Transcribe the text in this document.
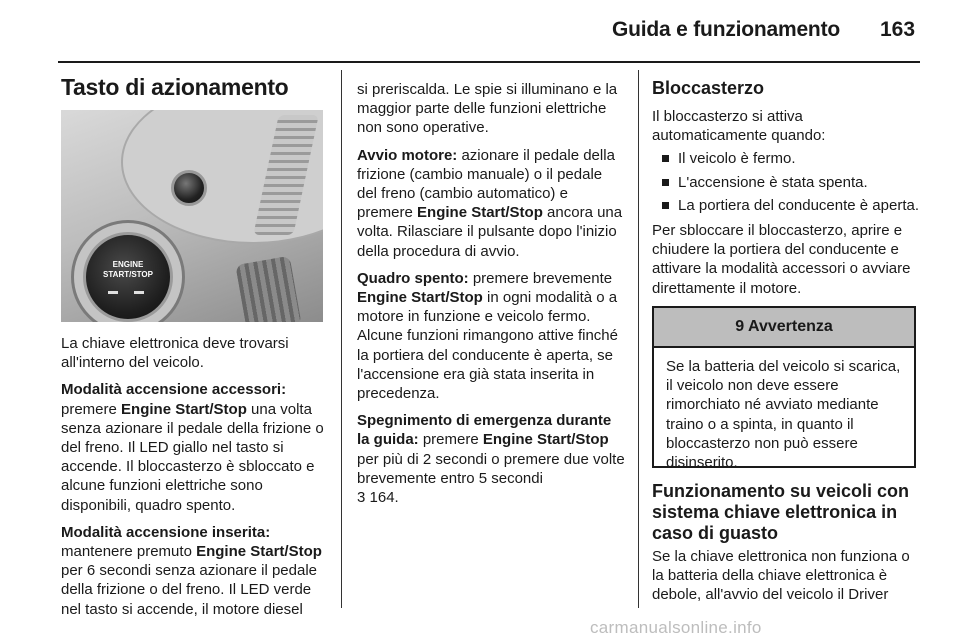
Guida e funzionamento 163
Tasto di azionamento
ENGINE
START/STOP

La chiave elettronica deve trovarsi all'interno del veicolo.

Modalità accensione accessori: premere Engine Start/Stop una volta senza azionare il pedale della frizione o del freno. Il LED giallo nel tasto si accende. Il bloccasterzo è sbloccato e alcune funzioni elettriche sono disponibili, quadro spento.

Modalità accensione inserita: mantenere premuto Engine Start/Stop per 6 secondi senza azionare il pedale della frizione o del freno. Il LED verde nel tasto si accende, il motore diesel

si preriscalda. Le spie si illuminano e la maggior parte delle funzioni elettriche non sono operative.

Avvio motore: azionare il pedale della frizione (cambio manuale) o il pedale del freno (cambio automatico) e premere Engine Start/Stop ancora una volta. Rilasciare il pulsante dopo l'inizio della procedura di avvio.

Quadro spento: premere brevemente Engine Start/Stop in ogni modalità o a motore in funzione e veicolo fermo. Alcune funzioni rimangono attive finché la portiera del conducente è aperta, se l'accensione era già stata inserita in precedenza.

Spegnimento di emergenza durante la guida: premere Engine Start/Stop per più di 2 secondi o premere due volte brevemente entro 5 secondi
3 164.

Bloccasterzo

Il bloccasterzo si attiva automaticamente quando:

Il veicolo è fermo.
L'accensione è stata spenta.
La portiera del conducente è aperta.

Per sbloccare il bloccasterzo, aprire e chiudere la portiera del conducente e attivare la modalità accessori o avviare direttamente il motore.

9 Avvertenza
Se la batteria del veicolo si scarica, il veicolo non deve essere rimorchiato né avviato mediante traino o a spinta, in quanto il bloccasterzo non può essere disinserito.

Funzionamento su veicoli con sistema chiave elettronica in caso di guasto

Se la chiave elettronica non funziona o la batteria della chiave elettronica è debole, all'avvio del veicolo il Driver

carmanualsonline.info
